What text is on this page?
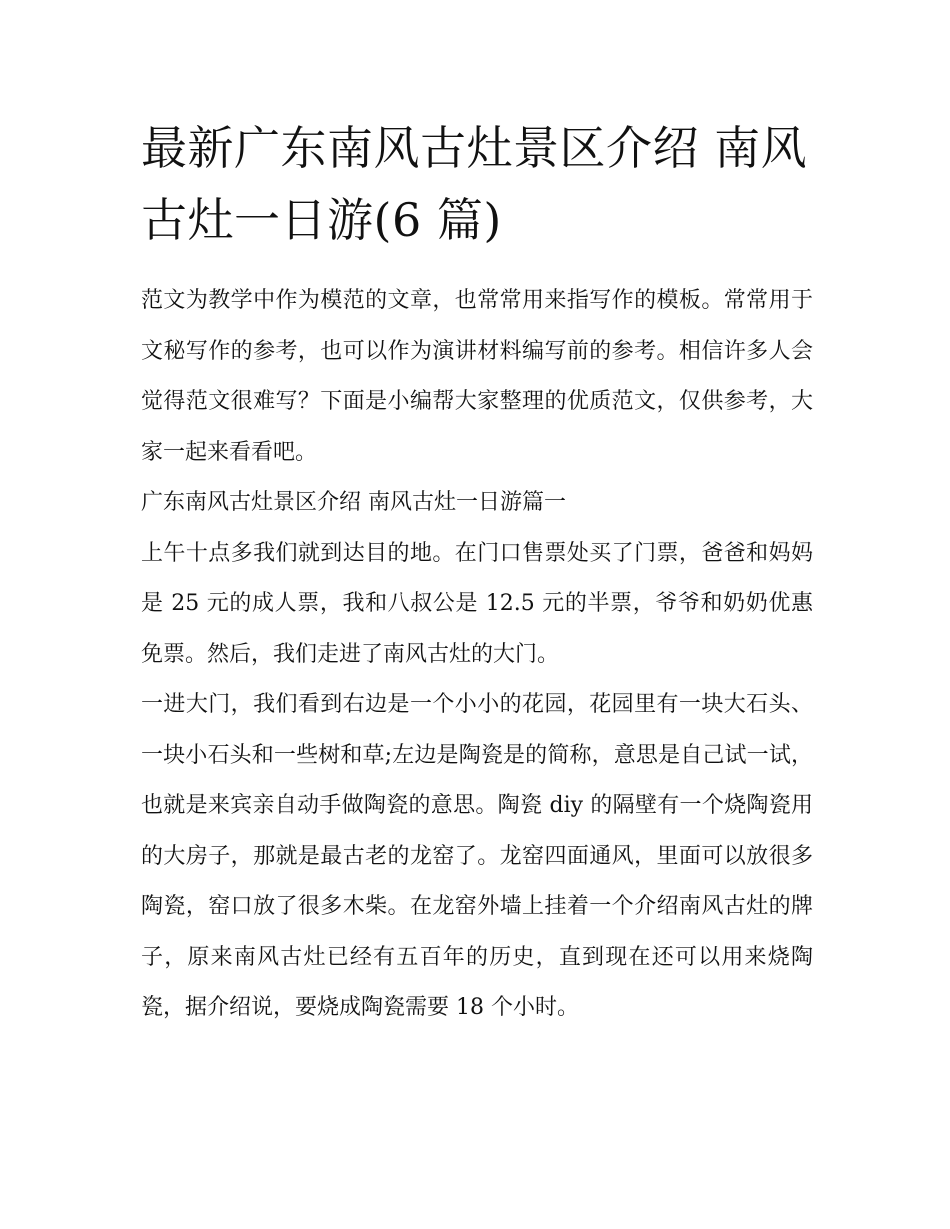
最新广东南风古灶景区介绍 南风古灶一日游(6 篇)

范文为教学中作为模范的文章，也常常用来指写作的模板。常常用于文秘写作的参考，也可以作为演讲材料编写前的参考。相信许多人会觉得范文很难写？下面是小编帮大家整理的优质范文，仅供参考，大家一起来看看吧。

广东南风古灶景区介绍 南风古灶一日游篇一

上午十点多我们就到达目的地。在门口售票处买了门票，爸爸和妈妈是 25 元的成人票，我和八叔公是 12.5 元的半票，爷爷和奶奶优惠免票。然后，我们走进了南风古灶的大门。

一进大门，我们看到右边是一个小小的花园，花园里有一块大石头、一块小石头和一些树和草;左边是陶瓷是的简称，意思是自己试一试，也就是来宾亲自动手做陶瓷的意思。陶瓷 diy 的隔壁有一个烧陶瓷用的大房子，那就是最古老的龙窑了。龙窑四面通风，里面可以放很多陶瓷，窑口放了很多木柴。在龙窑外墙上挂着一个介绍南风古灶的牌子，原来南风古灶已经有五百年的历史，直到现在还可以用来烧陶瓷，据介绍说，要烧成陶瓷需要 18 个小时。
